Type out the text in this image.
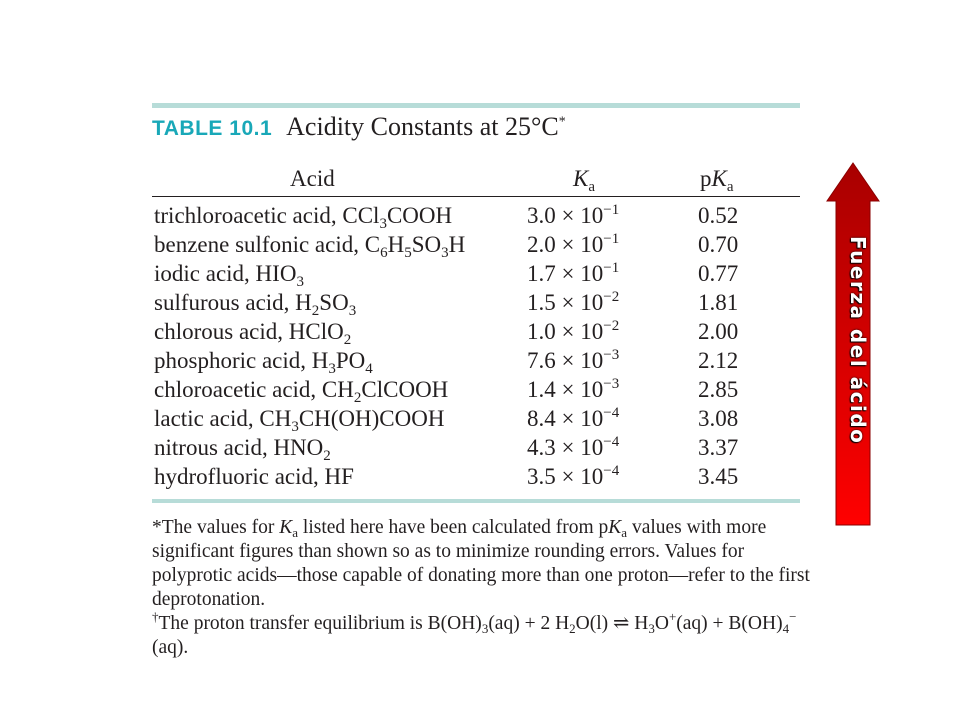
TABLE 10.1 Acidity Constants at 25°C*
Acid	$K_a$	$pK_a$
trichloroacetic acid, CCl$_3$COOH	$3.0 \times 10^{-1}$	0.52
benzene sulfonic acid, $C_6H_5SO_3H$	$2.0 \times 10^{-1}$	0.70
iodic acid, $HIO_3$	$1.7 \times 10^{-1}$	0.77
sulfurous acid, $H_2SO_3$	$1.5 \times 10^{-2}$	1.81
chlorous acid, HClO$_2$	$1.0 \times 10^{-2}$	2.00
phosphoric acid, $H_3PO_4$	$7.6 \times 10^{-3}$	2.12
chloroacetic acid, $CH_2ClCOOH$	$1.4 \times 10^{-3}$	2.85
lactic acid, $CH_3CH(OH)COOH$	$8.4 \times 10^{-4}$	3.08
nitrous acid, $HNO_2$	$4.3 \times 10^{-4}$	3.37
hydrofluoric acid, HF	$3.5 \times 10^{-4}$	3.45

*The values for $K_a$ listed here have been calculated from $pK_a$ values with more significant figures than shown so as to minimize rounding errors. Values for polyprotic acids—those capable of donating more than one proton—refer to the first deprotonation.

†The proton transfer equilibrium is $B(OH)_3(aq) + 2$ $H_2O(l)$ ⇌ $H_3O^+(aq) + B(OH)_4^-(aq)$.

Fuerza del ácido
